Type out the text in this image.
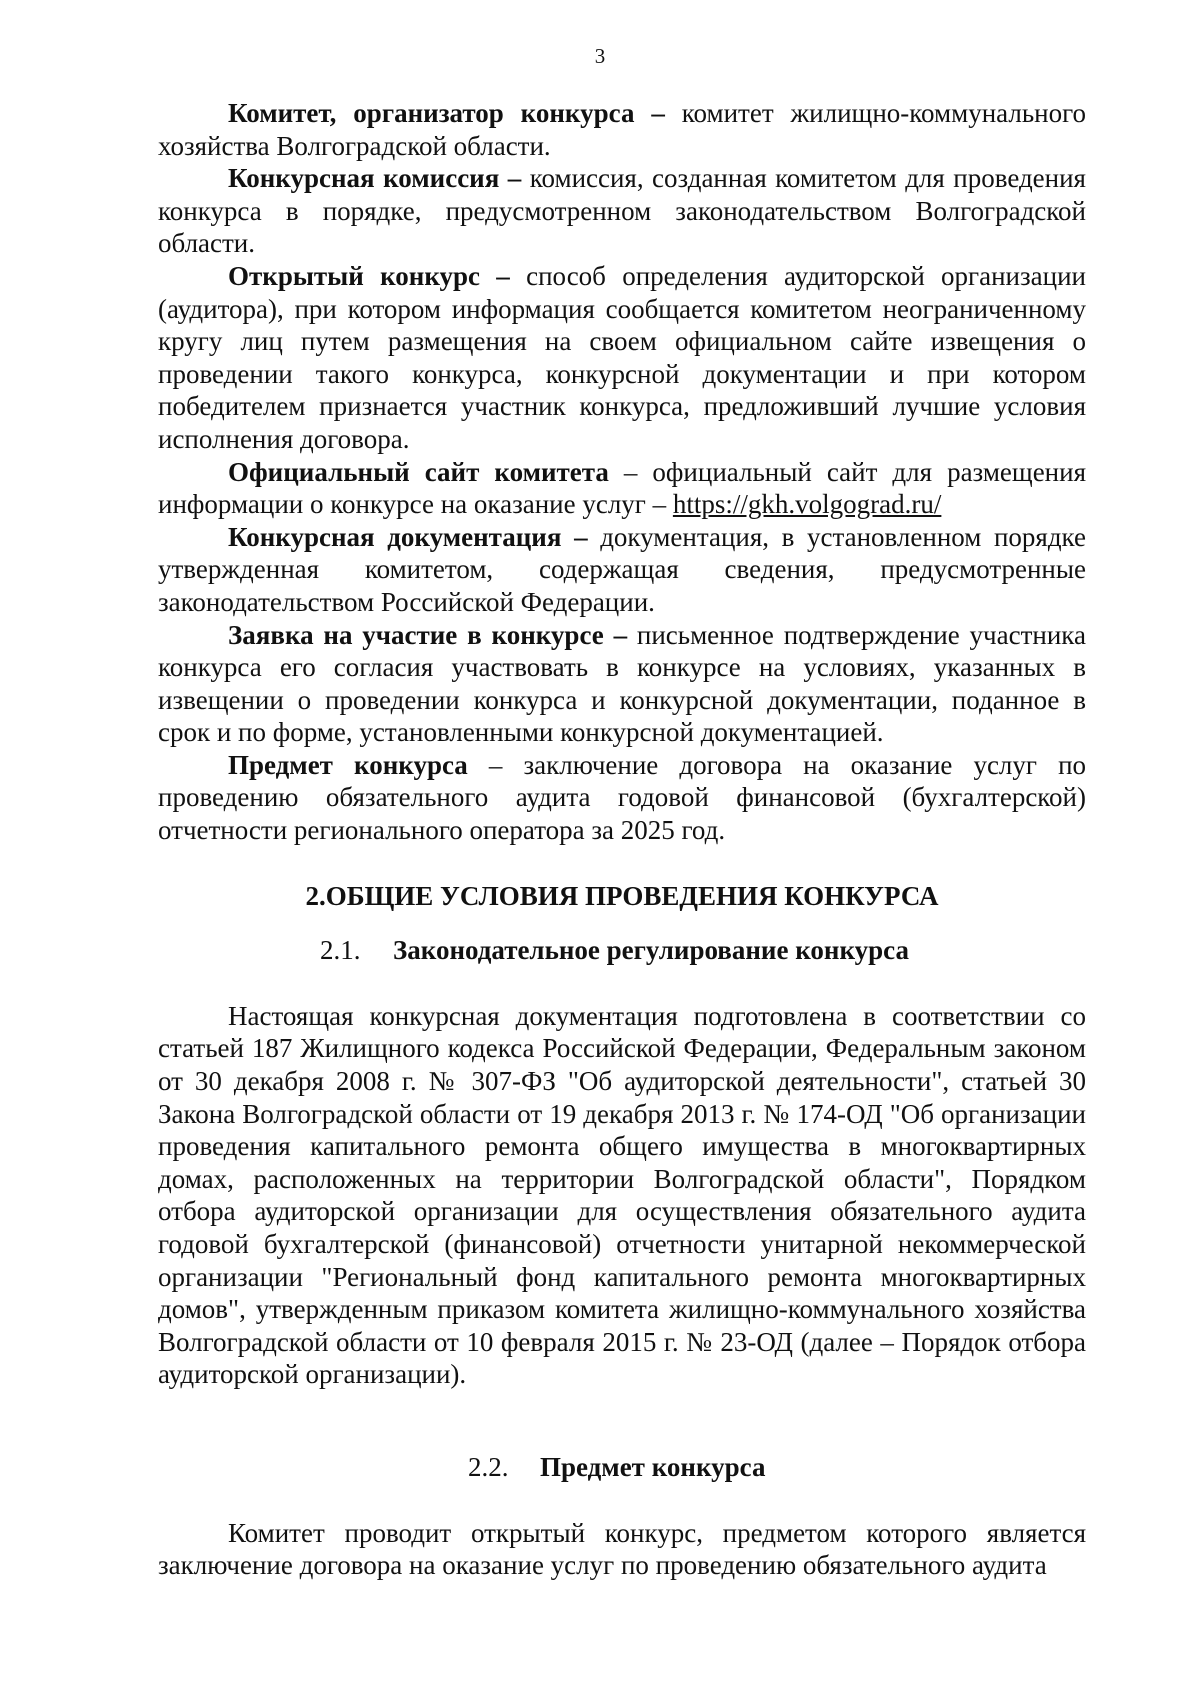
3

Комитет, организатор конкурса – комитет жилищно-коммунального хозяйства Волгоградской области.

Конкурсная комиссия – комиссия, созданная комитетом для проведения конкурса в порядке, предусмотренном законодательством Волгоградской области.

Открытый конкурс – способ определения аудиторской организации (аудитора), при котором информация сообщается комитетом неограниченному кругу лиц путем размещения на своем официальном сайте извещения о проведении такого конкурса, конкурсной документации и при котором победителем признается участник конкурса, предложивший лучшие условия исполнения договора.

Официальный сайт комитета – официальный сайт для размещения информации о конкурсе на оказание услуг – https://gkh.volgograd.ru/

Конкурсная документация – документация, в установленном порядке утвержденная комитетом, содержащая сведения, предусмотренные законодательством Российской Федерации.

Заявка на участие в конкурсе – письменное подтверждение участника конкурса его согласия участвовать в конкурсе на условиях, указанных в извещении о проведении конкурса и конкурсной документации, поданное в срок и по форме, установленными конкурсной документацией.

Предмет конкурса – заключение договора на оказание услуг по проведению обязательного аудита годовой финансовой (бухгалтерской) отчетности регионального оператора за 2025 год.

2.ОБЩИЕ УСЛОВИЯ ПРОВЕДЕНИЯ КОНКУРСА
2.1. Законодательное регулирование конкурса

Настоящая конкурсная документация подготовлена в соответствии со статьей 187 Жилищного кодекса Российской Федерации, Федеральным законом от 30 декабря 2008 г. № 307-ФЗ "Об аудиторской деятельности", статьей 30 Закона Волгоградской области от 19 декабря 2013 г. № 174-ОД "Об организации проведения капитального ремонта общего имущества в многоквартирных домах, расположенных на территории Волгоградской области", Порядком отбора аудиторской организации для осуществления обязательного аудита годовой бухгалтерской (финансовой) отчетности унитарной некоммерческой организации "Региональный фонд капитального ремонта многоквартирных домов", утвержденным приказом комитета жилищно-коммунального хозяйства Волгоградской области от 10 февраля 2015 г. № 23-ОД (далее – Порядок отбора аудиторской организации).

2.2. Предмет конкурса

Комитет проводит открытый конкурс, предметом которого является заключение договора на оказание услуг по проведению обязательного аудита
